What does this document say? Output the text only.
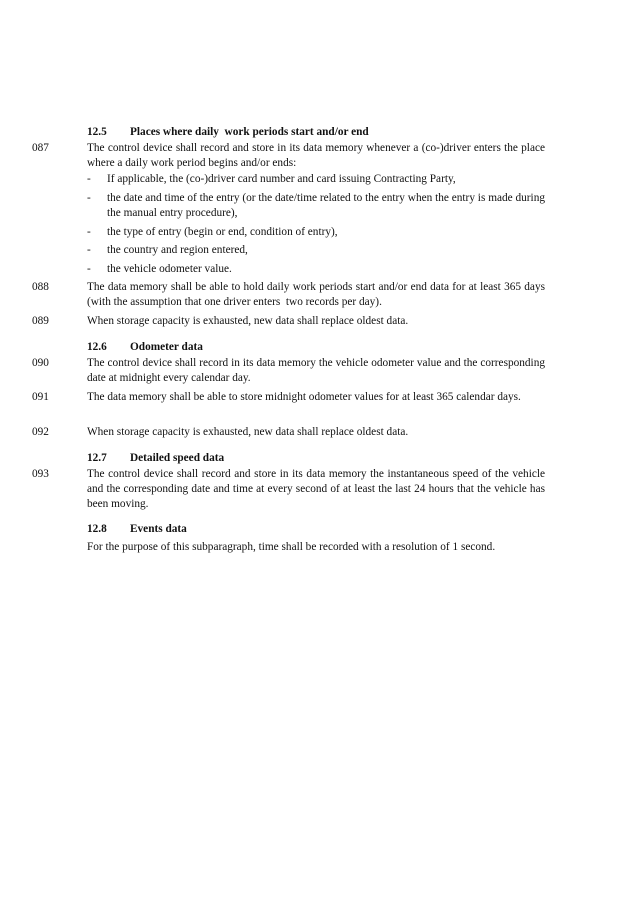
12.5 Places where daily  work periods start and/or end
087	The control device shall record and store in its data memory whenever a (co-)driver enters the place where a daily work period begins and/or ends:
- If applicable, the (co-)driver card number and card issuing Contracting Party,
- the date and time of the entry (or the date/time related to the entry when the entry is made during the manual entry procedure),
- the type of entry (begin or end, condition of entry),
- the country and region entered,
- the vehicle odometer value.
088	The data memory shall be able to hold daily work periods start and/or end data for at least 365 days (with the assumption that one driver enters  two records per day).
089	When storage capacity is exhausted, new data shall replace oldest data.
12.6 Odometer data
090	The control device shall record in its data memory the vehicle odometer value and the corresponding date at midnight every calendar day.
091	The data memory shall be able to store midnight odometer values for at least 365 calendar days.
092	When storage capacity is exhausted, new data shall replace oldest data.
12.7 Detailed speed data
093	The control device shall record and store in its data memory the instantaneous speed of the vehicle and the corresponding date and time at every second of at least the last 24 hours that the vehicle has been moving.
12.8 Events data
For the purpose of this subparagraph, time shall be recorded with a resolution of 1 second.
